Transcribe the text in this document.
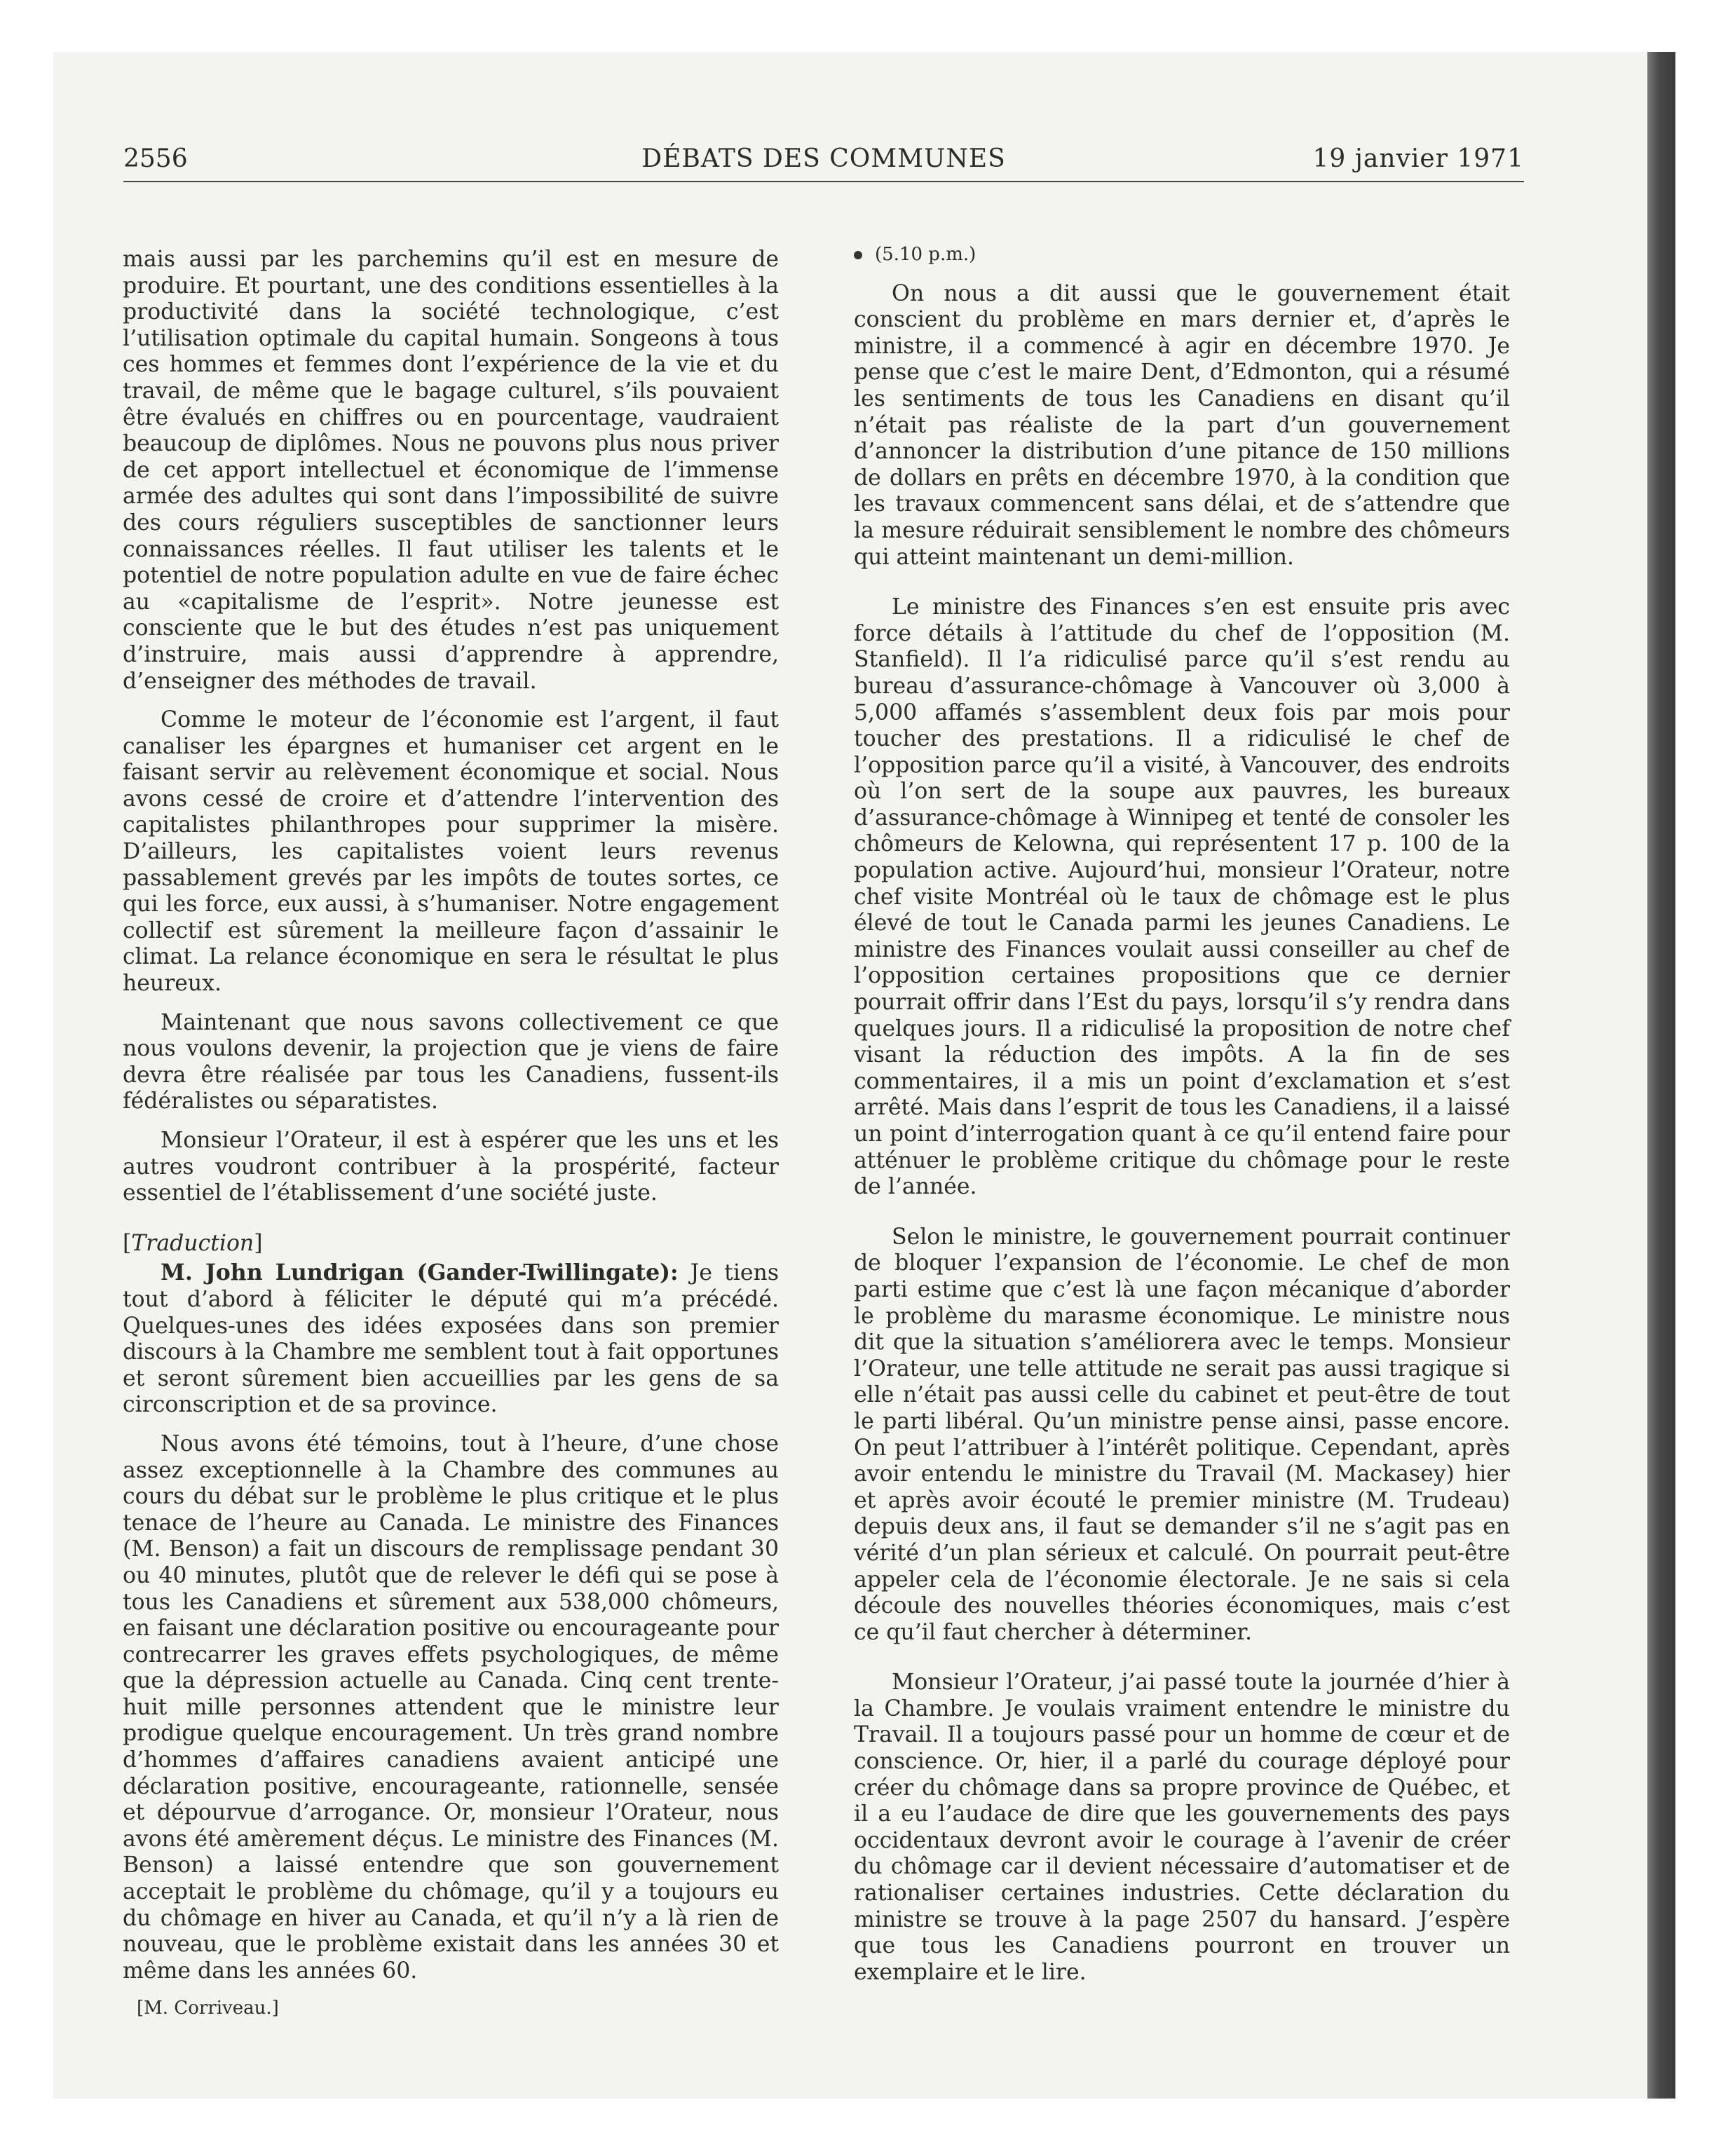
2556	DÉBATS DES COMMUNES	19 janvier 1971

mais aussi par les parchemins qu’il est en mesure de produire. Et pourtant, une des conditions essentielles à la productivité dans la société technologique, c’est l’utilisation optimale du capital humain. Songeons à tous ces hommes et femmes dont l’expérience de la vie et du travail, de même que le bagage culturel, s’ils pouvaient être évalués en chiffres ou en pourcentage, vaudraient beaucoup de diplômes. Nous ne pouvons plus nous priver de cet apport intellectuel et économique de l’immense armée des adultes qui sont dans l’impossibilité de suivre des cours réguliers susceptibles de sanctionner leurs connaissances réelles. Il faut utiliser les talents et le potentiel de notre population adulte en vue de faire échec au «capitalisme de l’esprit». Notre jeunesse est consciente que le but des études n’est pas uniquement d’instruire, mais aussi d’apprendre à apprendre, d’enseigner des méthodes de travail.

Comme le moteur de l’économie est l’argent, il faut canaliser les épargnes et humaniser cet argent en le faisant servir au relèvement économique et social. Nous avons cessé de croire et d’attendre l’intervention des capitalistes philanthropes pour supprimer la misère. D’ailleurs, les capitalistes voient leurs revenus passablement grevés par les impôts de toutes sortes, ce qui les force, eux aussi, à s’humaniser. Notre engagement collectif est sûrement la meilleure façon d’assainir le climat. La relance économique en sera le résultat le plus heureux.

Maintenant que nous savons collectivement ce que nous voulons devenir, la projection que je viens de faire devra être réalisée par tous les Canadiens, fussent-ils fédéralistes ou séparatistes.

Monsieur l’Orateur, il est à espérer que les uns et les autres voudront contribuer à la prospérité, facteur essentiel de l’établissement d’une société juste.

[Traduction]

M. John Lundrigan (Gander-Twillingate): Je tiens tout d’abord à féliciter le député qui m’a précédé. Quelques-unes des idées exposées dans son premier discours à la Chambre me semblent tout à fait opportunes et seront sûrement bien accueillies par les gens de sa circonscription et de sa province.

Nous avons été témoins, tout à l’heure, d’une chose assez exceptionnelle à la Chambre des communes au cours du débat sur le problème le plus critique et le plus tenace de l’heure au Canada. Le ministre des Finances (M. Benson) a fait un discours de remplissage pendant 30 ou 40 minutes, plutôt que de relever le défi qui se pose à tous les Canadiens et sûrement aux 538,000 chômeurs, en faisant une déclaration positive ou encourageante pour contrecarrer les graves effets psychologiques, de même que la dépression actuelle au Canada. Cinq cent trente-huit mille personnes attendent que le ministre leur prodigue quelque encouragement. Un très grand nombre d’hommes d’affaires canadiens avaient anticipé une déclaration positive, encourageante, rationnelle, sensée et dépourvue d’arrogance. Or, monsieur l’Orateur, nous avons été amèrement déçus. Le ministre des Finances (M. Benson) a laissé entendre que son gouvernement acceptait le problème du chômage, qu’il y a toujours eu du chômage en hiver au Canada, et qu’il n’y a là rien de nouveau, que le problème existait dans les années 30 et même dans les années 60.

[M. Corriveau.]

(5.10 p.m.)

On nous a dit aussi que le gouvernement était conscient du problème en mars dernier et, d’après le ministre, il a commencé à agir en décembre 1970. Je pense que c’est le maire Dent, d’Edmonton, qui a résumé les sentiments de tous les Canadiens en disant qu’il n’était pas réaliste de la part d’un gouvernement d’annoncer la distribution d’une pitance de 150 millions de dollars en prêts en décembre 1970, à la condition que les travaux commencent sans délai, et de s’attendre que la mesure réduirait sensiblement le nombre des chômeurs qui atteint maintenant un demi-million.

Le ministre des Finances s’en est ensuite pris avec force détails à l’attitude du chef de l’opposition (M. Stanfield). Il l’a ridiculisé parce qu’il s’est rendu au bureau d’assurance-chômage à Vancouver où 3,000 à 5,000 affamés s’assemblent deux fois par mois pour toucher des prestations. Il a ridiculisé le chef de l’opposition parce qu’il a visité, à Vancouver, des endroits où l’on sert de la soupe aux pauvres, les bureaux d’assurance-chômage à Winnipeg et tenté de consoler les chômeurs de Kelowna, qui représentent 17 p. 100 de la population active. Aujourd’hui, monsieur l’Orateur, notre chef visite Montréal où le taux de chômage est le plus élevé de tout le Canada parmi les jeunes Canadiens. Le ministre des Finances voulait aussi conseiller au chef de l’opposition certaines propositions que ce dernier pourrait offrir dans l’Est du pays, lorsqu’il s’y rendra dans quelques jours. Il a ridiculisé la proposition de notre chef visant la réduction des impôts. A la fin de ses commentaires, il a mis un point d’exclamation et s’est arrêté. Mais dans l’esprit de tous les Canadiens, il a laissé un point d’interrogation quant à ce qu’il entend faire pour atténuer le problème critique du chômage pour le reste de l’année.

Selon le ministre, le gouvernement pourrait continuer de bloquer l’expansion de l’économie. Le chef de mon parti estime que c’est là une façon mécanique d’aborder le problème du marasme économique. Le ministre nous dit que la situation s’améliorera avec le temps. Monsieur l’Orateur, une telle attitude ne serait pas aussi tragique si elle n’était pas aussi celle du cabinet et peut-être de tout le parti libéral. Qu’un ministre pense ainsi, passe encore. On peut l’attribuer à l’intérêt politique. Cependant, après avoir entendu le ministre du Travail (M. Mackasey) hier et après avoir écouté le premier ministre (M. Trudeau) depuis deux ans, il faut se demander s’il ne s’agit pas en vérité d’un plan sérieux et calculé. On pourrait peut-être appeler cela de l’économie électorale. Je ne sais si cela découle des nouvelles théories économiques, mais c’est ce qu’il faut chercher à déterminer.

Monsieur l’Orateur, j’ai passé toute la journée d’hier à la Chambre. Je voulais vraiment entendre le ministre du Travail. Il a toujours passé pour un homme de cœur et de conscience. Or, hier, il a parlé du courage déployé pour créer du chômage dans sa propre province de Québec, et il a eu l’audace de dire que les gouvernements des pays occidentaux devront avoir le courage à l’avenir de créer du chômage car il devient nécessaire d’automatiser et de rationaliser certaines industries. Cette déclaration du ministre se trouve à la page 2507 du hansard. J’espère que tous les Canadiens pourront en trouver un exemplaire et le lire.
